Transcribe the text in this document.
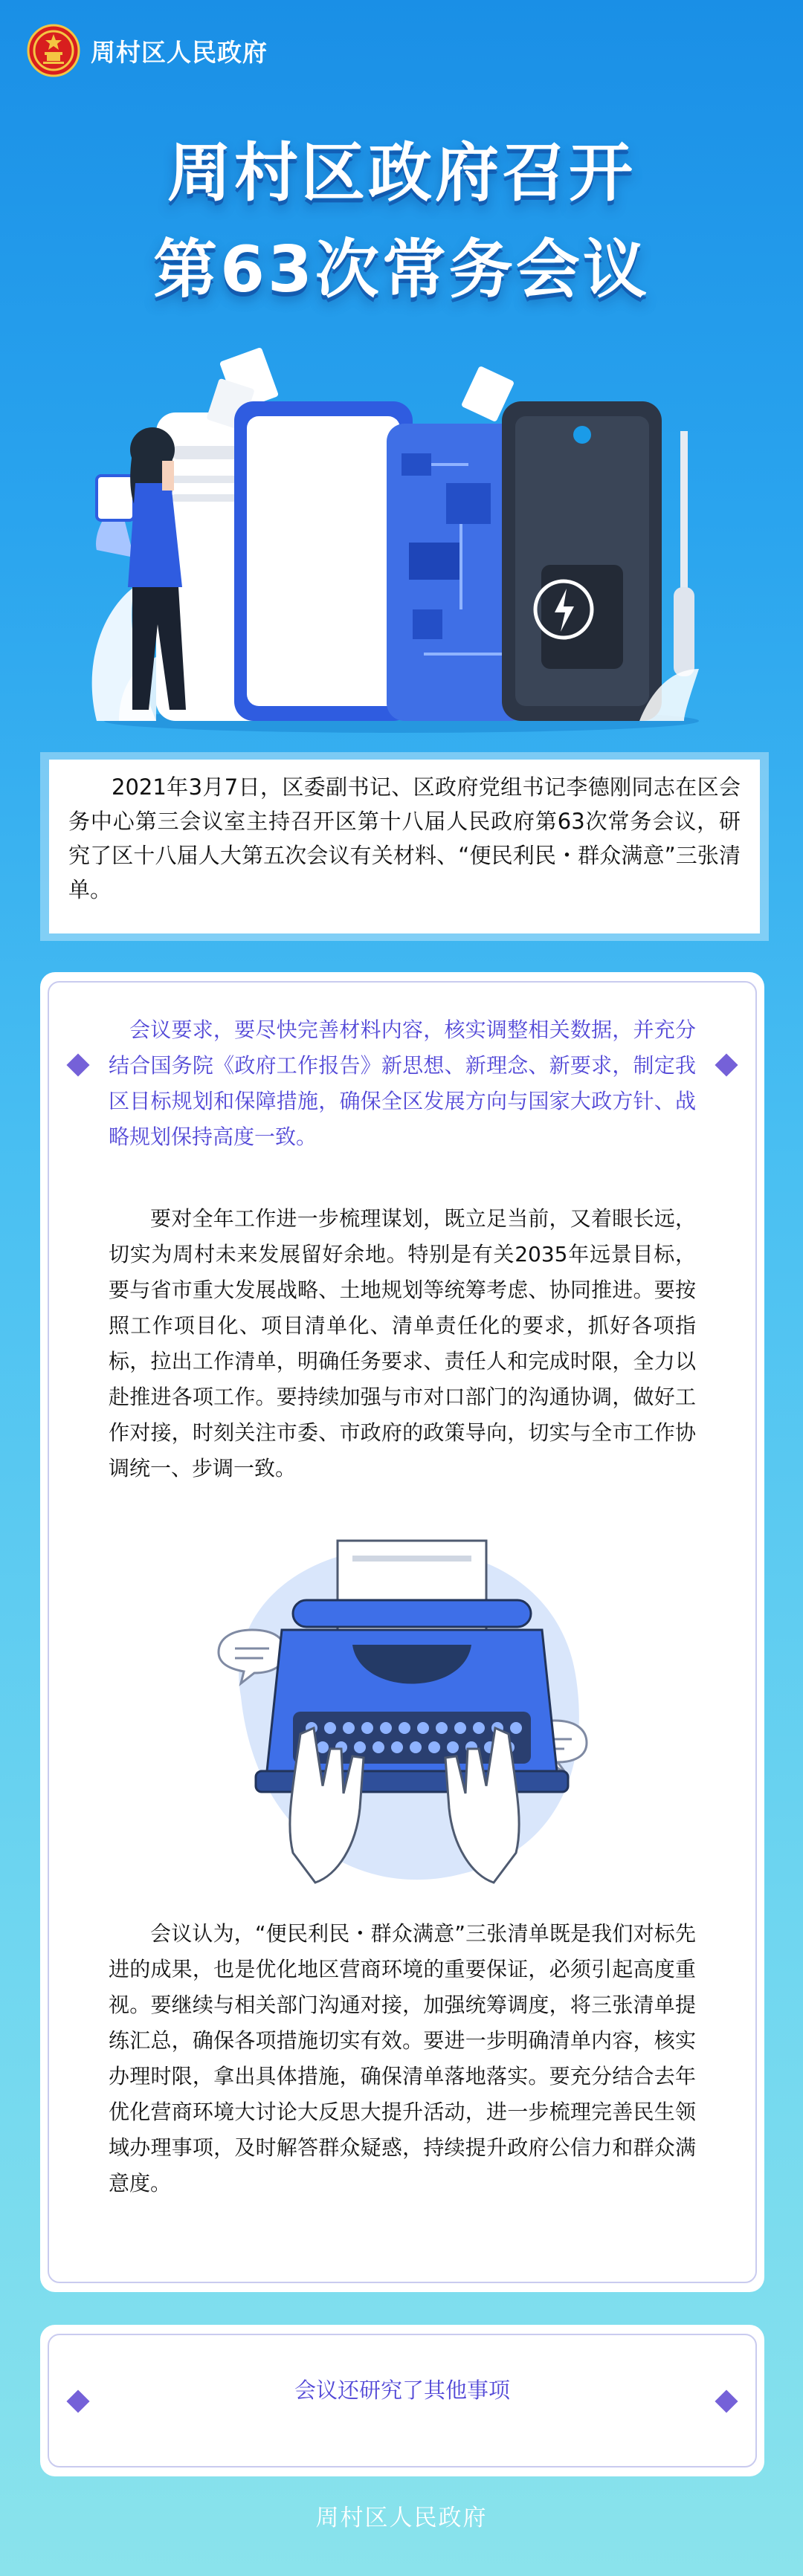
周村区人民政府
周村区政府召开
第63次常务会议

2021年3月7日，区委副书记、区政府党组书记李德刚同志在区会务中心第三会议室主持召开区第十八届人民政府第63次常务会议，研究了区十八届人大第五次会议有关材料、“便民利民・群众满意”三张清单。

会议要求，要尽快完善材料内容，核实调整相关数据，并充分结合国务院《政府工作报告》新思想、新理念、新要求，制定我区目标规划和保障措施，确保全区发展方向与国家大政方针、战略规划保持高度一致。

要对全年工作进一步梳理谋划，既立足当前，又着眼长远，切实为周村未来发展留好余地。特别是有关2035年远景目标，要与省市重大发展战略、土地规划等统筹考虑、协同推进。要按照工作项目化、项目清单化、清单责任化的要求，抓好各项指标，拉出工作清单，明确任务要求、责任人和完成时限，全力以赴推进各项工作。要持续加强与市对口部门的沟通协调，做好工作对接，时刻关注市委、市政府的政策导向，切实与全市工作协调统一、步调一致。

会议认为，“便民利民・群众满意”三张清单既是我们对标先进的成果，也是优化地区营商环境的重要保证，必须引起高度重视。要继续与相关部门沟通对接，加强统筹调度，将三张清单提练汇总，确保各项措施切实有效。要进一步明确清单内容，核实办理时限，拿出具体措施，确保清单落地落实。要充分结合去年优化营商环境大讨论大反思大提升活动，进一步梳理完善民生领域办理事项，及时解答群众疑惑，持续提升政府公信力和群众满意度。

会议还研究了其他事项
周村区人民政府
